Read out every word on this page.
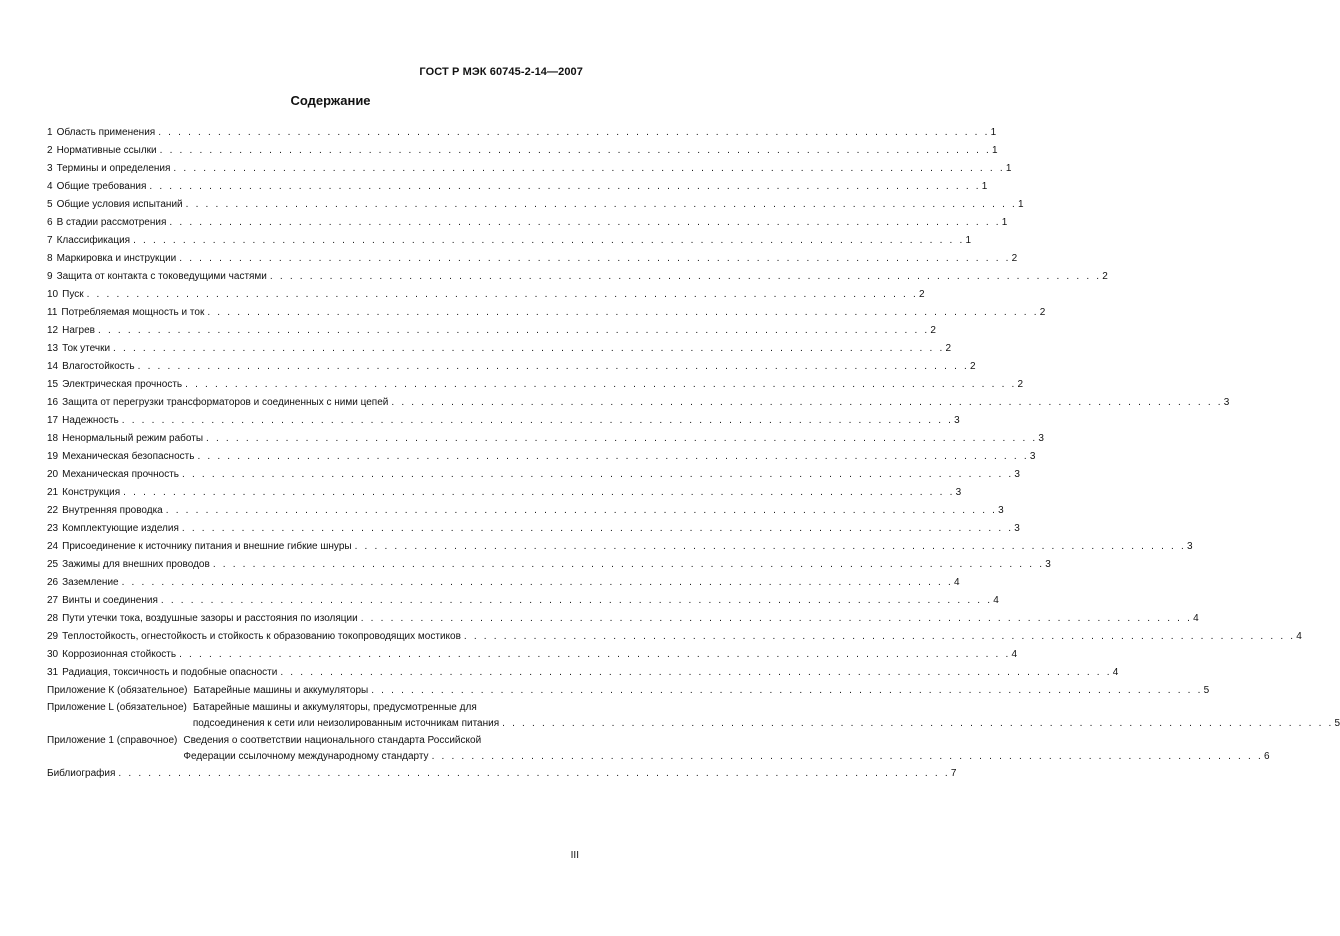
ГОСТ Р МЭК 60745-2-14—2007
Содержание
1 Область применения . . . . . . . . . . . . . . . . . . . . . . . . . . . . . . . . . . . . . . . . . . . . . . . . . . . . . . . . . . . . . . . . . . . . . . . . . . . . . . . . . . . . 1
2 Нормативные ссылки . . . . . . . . . . . . . . . . . . . . . . . . . . . . . . . . . . . . . . . . . . . . . . . . . . . . . . . . . . . . . . . . . . . . . . . . . . . . . . . . . . . . 1
3 Термины и определения . . . . . . . . . . . . . . . . . . . . . . . . . . . . . . . . . . . . . . . . . . . . . . . . . . . . . . . . . . . . . . . . . . . . . . . . . . . . . . . . . . . . 1
4 Общие требования . . . . . . . . . . . . . . . . . . . . . . . . . . . . . . . . . . . . . . . . . . . . . . . . . . . . . . . . . . . . . . . . . . . . . . . . . . . . . . . . . . . . 1
5 Общие условия испытаний . . . . . . . . . . . . . . . . . . . . . . . . . . . . . . . . . . . . . . . . . . . . . . . . . . . . . . . . . . . . . . . . . . . . . . . . . . . . . . . . . . . . 1
6 В стадии рассмотрения . . . . . . . . . . . . . . . . . . . . . . . . . . . . . . . . . . . . . . . . . . . . . . . . . . . . . . . . . . . . . . . . . . . . . . . . . . . . . . . . . . . . 1
7 Классификация . . . . . . . . . . . . . . . . . . . . . . . . . . . . . . . . . . . . . . . . . . . . . . . . . . . . . . . . . . . . . . . . . . . . . . . . . . . . . . . . . . . . 1
8 Маркировка и инструкции . . . . . . . . . . . . . . . . . . . . . . . . . . . . . . . . . . . . . . . . . . . . . . . . . . . . . . . . . . . . . . . . . . . . . . . . . . . . . . . . . . . . 2
9 Защита от контакта с токоведущими частями . . . . . . . . . . . . . . . . . . . . . . . . . . . . . . . . . . . . . . . . . . . . . . . . . . . . . . . . . . . . . . . . . . . . . . . . . . . . . . . . . . . . 2
10 Пуск . . . . . . . . . . . . . . . . . . . . . . . . . . . . . . . . . . . . . . . . . . . . . . . . . . . . . . . . . . . . . . . . . . . . . . . . . . . . . . . . . . . . 2
11 Потребляемая мощность и ток . . . . . . . . . . . . . . . . . . . . . . . . . . . . . . . . . . . . . . . . . . . . . . . . . . . . . . . . . . . . . . . . . . . . . . . . . . . . . . . . . . . . 2
12 Нагрев . . . . . . . . . . . . . . . . . . . . . . . . . . . . . . . . . . . . . . . . . . . . . . . . . . . . . . . . . . . . . . . . . . . . . . . . . . . . . . . . . . . . 2
13 Ток утечки . . . . . . . . . . . . . . . . . . . . . . . . . . . . . . . . . . . . . . . . . . . . . . . . . . . . . . . . . . . . . . . . . . . . . . . . . . . . . . . . . . . . 2
14 Влагостойкость . . . . . . . . . . . . . . . . . . . . . . . . . . . . . . . . . . . . . . . . . . . . . . . . . . . . . . . . . . . . . . . . . . . . . . . . . . . . . . . . . . . . 2
15 Электрическая прочность . . . . . . . . . . . . . . . . . . . . . . . . . . . . . . . . . . . . . . . . . . . . . . . . . . . . . . . . . . . . . . . . . . . . . . . . . . . . . . . . . . . . 2
16 Защита от перегрузки трансформаторов и соединенных с ними цепей . . . . . . . . . . . . . . . . . . . . . . . . . . . . . . . . . . . . . . . . . . . . . . . . . . . . . . . . . . . . . . . . . . . . . . . . . . . . . . . . . . . . 3
17 Надежность . . . . . . . . . . . . . . . . . . . . . . . . . . . . . . . . . . . . . . . . . . . . . . . . . . . . . . . . . . . . . . . . . . . . . . . . . . . . . . . . . . . . 3
18 Ненормальный режим работы . . . . . . . . . . . . . . . . . . . . . . . . . . . . . . . . . . . . . . . . . . . . . . . . . . . . . . . . . . . . . . . . . . . . . . . . . . . . . . . . . . . . 3
19 Механическая безопасность . . . . . . . . . . . . . . . . . . . . . . . . . . . . . . . . . . . . . . . . . . . . . . . . . . . . . . . . . . . . . . . . . . . . . . . . . . . . . . . . . . . . 3
20 Механическая прочность . . . . . . . . . . . . . . . . . . . . . . . . . . . . . . . . . . . . . . . . . . . . . . . . . . . . . . . . . . . . . . . . . . . . . . . . . . . . . . . . . . . . 3
21 Конструкция . . . . . . . . . . . . . . . . . . . . . . . . . . . . . . . . . . . . . . . . . . . . . . . . . . . . . . . . . . . . . . . . . . . . . . . . . . . . . . . . . . . . 3
22 Внутренняя проводка . . . . . . . . . . . . . . . . . . . . . . . . . . . . . . . . . . . . . . . . . . . . . . . . . . . . . . . . . . . . . . . . . . . . . . . . . . . . . . . . . . . . 3
23 Комплектующие изделия . . . . . . . . . . . . . . . . . . . . . . . . . . . . . . . . . . . . . . . . . . . . . . . . . . . . . . . . . . . . . . . . . . . . . . . . . . . . . . . . . . . . 3
24 Присоединение к источнику питания и внешние гибкие шнуры . . . . . . . . . . . . . . . . . . . . . . . . . . . . . . . . . . . . . . . . . . . . . . . . . . . . . . . . . . . . . . . . . . . . . . . . . . . . . . . . . . . . 3
25 Зажимы для внешних проводов . . . . . . . . . . . . . . . . . . . . . . . . . . . . . . . . . . . . . . . . . . . . . . . . . . . . . . . . . . . . . . . . . . . . . . . . . . . . . . . . . . . . 3
26 Заземление . . . . . . . . . . . . . . . . . . . . . . . . . . . . . . . . . . . . . . . . . . . . . . . . . . . . . . . . . . . . . . . . . . . . . . . . . . . . . . . . . . . . 4
27 Винты и соединения . . . . . . . . . . . . . . . . . . . . . . . . . . . . . . . . . . . . . . . . . . . . . . . . . . . . . . . . . . . . . . . . . . . . . . . . . . . . . . . . . . . . 4
28 Пути утечки тока, воздушные зазоры и расстояния по изоляции . . . . . . . . . . . . . . . . . . . . . . . . . . . . . . . . . . . . . . . . . . . . . . . . . . . . . . . . . . . . . . . . . . . . . . . . . . . . . . . . . . . . 4
29 Теплостойкость, огнестойкость и стойкость к образованию токопроводящих мостиков . . . . . . . . . . . . . . . . . . . . . . . . . . . . . . . . . . . . . . . . . . . . . . . . . . . . . . . . . . . . . . . . . . . . . . . . . . . . . . . . . . . . 4
30 Коррозионная стойкость . . . . . . . . . . . . . . . . . . . . . . . . . . . . . . . . . . . . . . . . . . . . . . . . . . . . . . . . . . . . . . . . . . . . . . . . . . . . . . . . . . . . 4
31 Радиация, токсичность и подобные опасности . . . . . . . . . . . . . . . . . . . . . . . . . . . . . . . . . . . . . . . . . . . . . . . . . . . . . . . . . . . . . . . . . . . . . . . . . . . . . . . . . . . . 4
Приложение К (обязательное) Батарейные машины и аккумуляторы . . . . . . . . . . . . . . . . . . . . . . . . . . . . . . . . . . . . . . . . . . . . . . . . . . . . . . . . . . . . . . . . . . . . . . . . . . . . . . . . . . . . 5
Приложение L (обязательное) Батарейные машины и аккумуляторы, предусмотренные для
подсоединения к сети или неизолированным источникам питания . . . . . . . . . . . . . . . . . . . . . . . . . . . . . . . . . . . . . . . . . . . . . . . . . . . . . . . . . . . . . . . . . . . . . . . . . . . . . . . . . . . . 5
Приложение 1 (справочное) Сведения о соответствии национального стандарта Российской
Федерации ссылочному международному стандарту . . . . . . . . . . . . . . . . . . . . . . . . . . . . . . . . . . . . . . . . . . . . . . . . . . . . . . . . . . . . . . . . . . . . . . . . . . . . . . . . . . . . 6
Библиография . . . . . . . . . . . . . . . . . . . . . . . . . . . . . . . . . . . . . . . . . . . . . . . . . . . . . . . . . . . . . . . . . . . . . . . . . . . . . . . . . . . . 7
III
